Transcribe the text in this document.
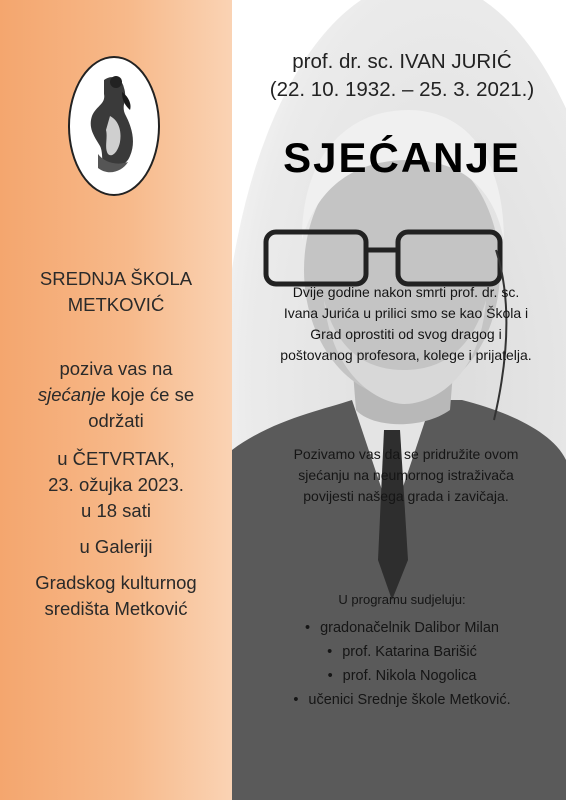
SREDNJA ŠKOLA
METKOVIĆ
poziva vas na
sjećanje koje će se
održati
u ČETVRTAK,
23. ožujka 2023.
u 18 sati
u Galeriji
Gradskog kulturnog
središta Metković
prof. dr. sc. IVAN JURIĆ
(22. 10. 1932. – 25. 3. 2021.)
SJEĆANJE
Dvije godine nakon smrti prof. dr. sc.
Ivana Jurića u prilici smo se kao Škola i
Grad oprostiti od svog dragog i
poštovanog profesora, kolege i prijatelja.
Pozivamo vas da se pridružite ovom
sjećanju na neumornog istraživača
povijesti našega grada i zavičaja.
U programu sudjeluju:
• gradonačelnik Dalibor Milan
• prof. Katarina Barišić
• prof. Nikola Nogolica
• učenici Srednje škole Metković.
